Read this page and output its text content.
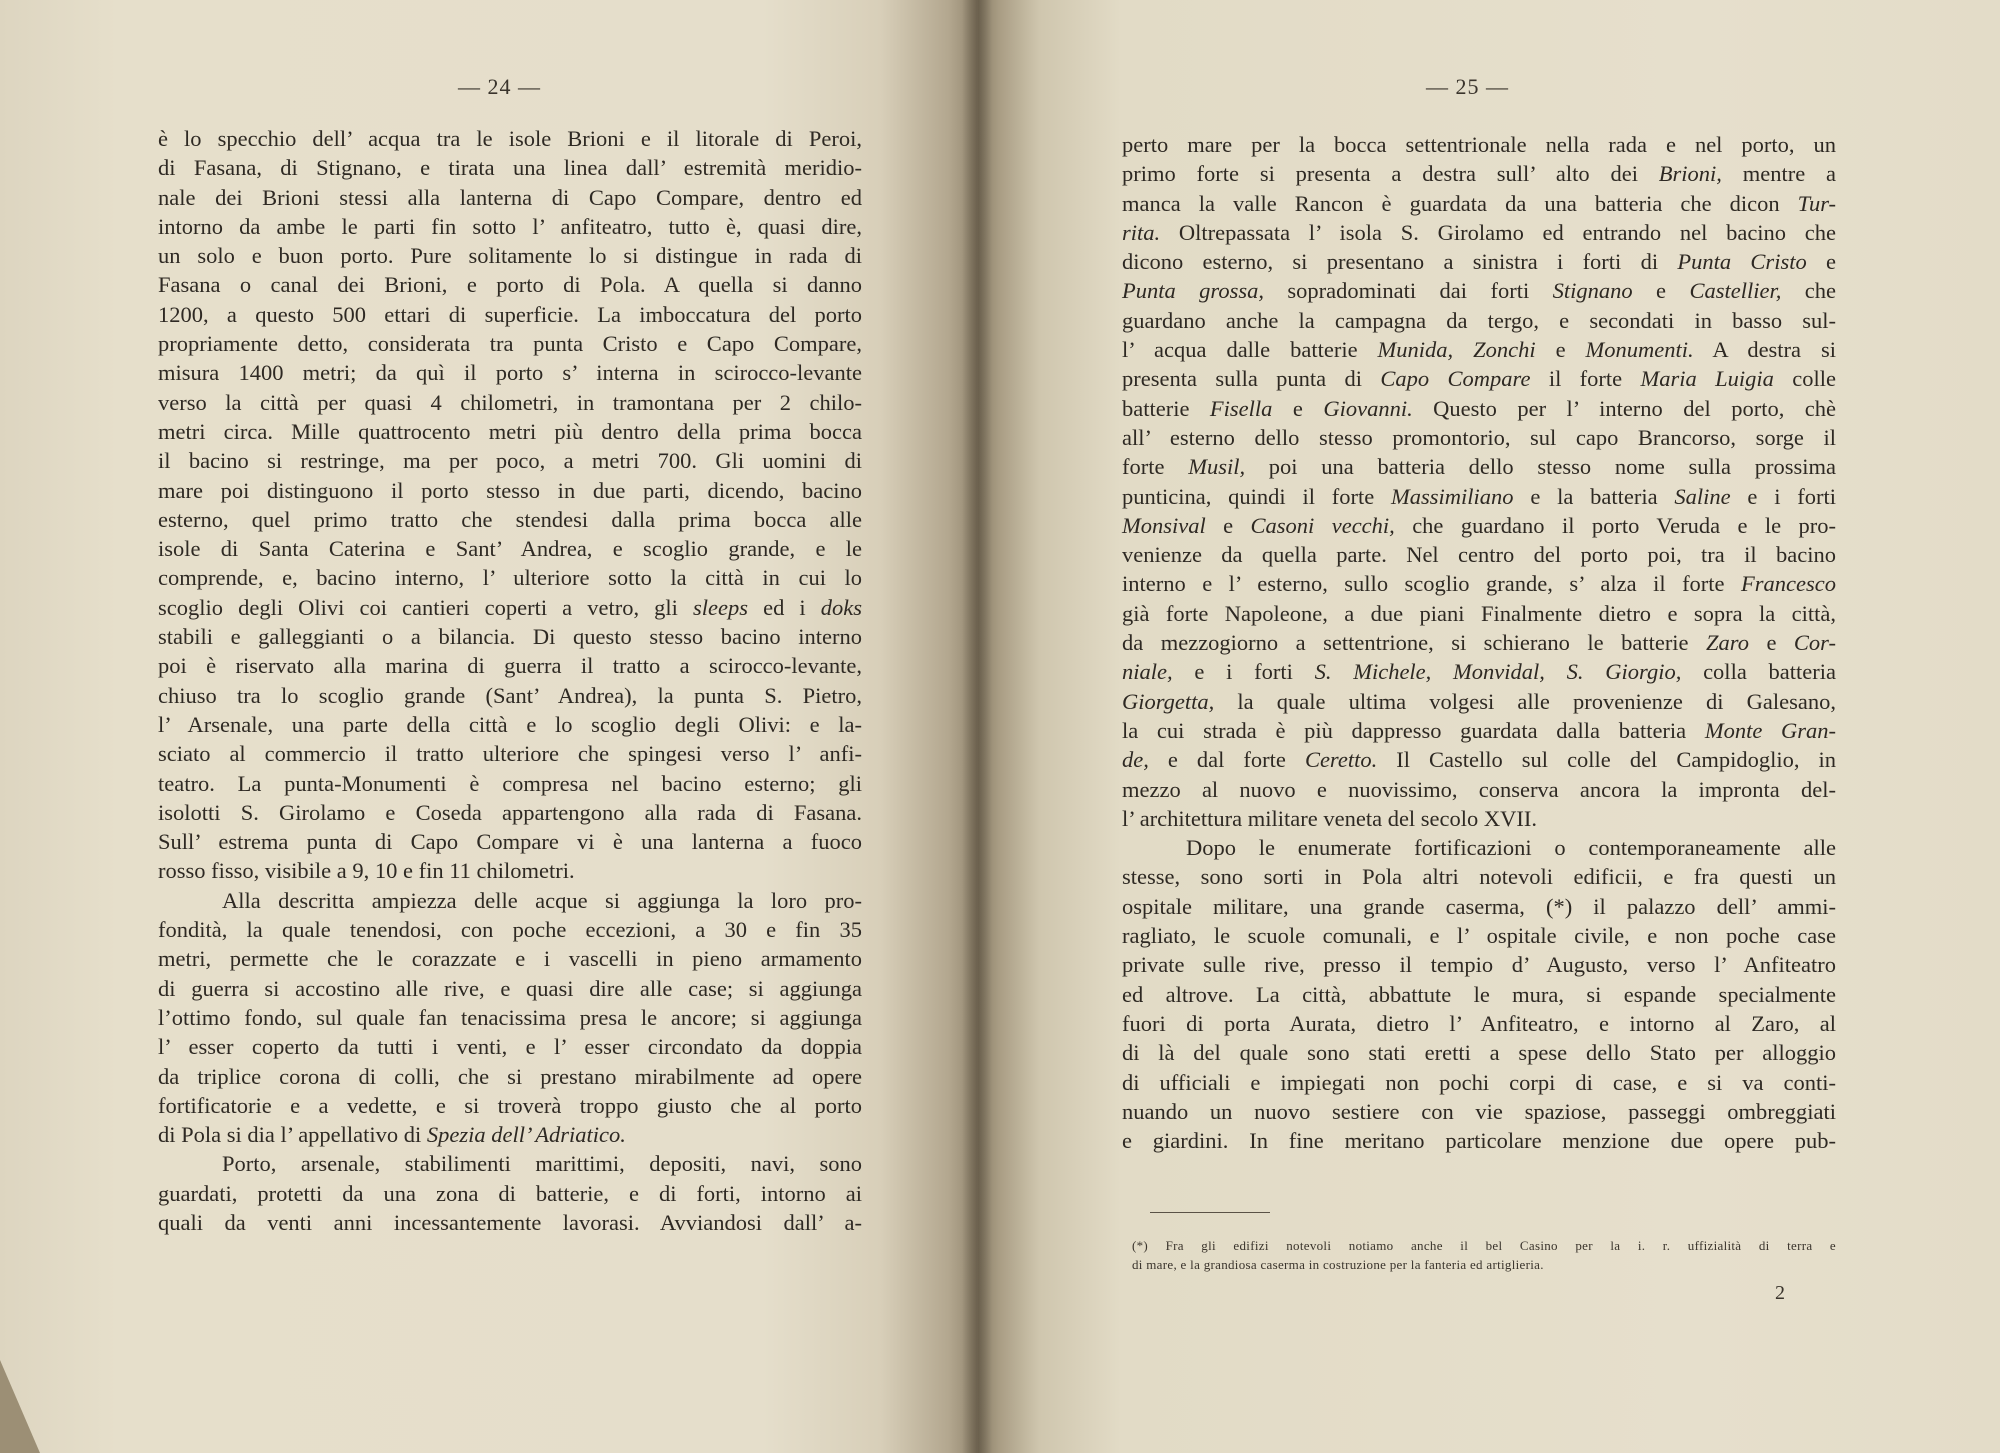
— 24 —
è lo specchio dell’ acqua tra le isole Brioni e il litorale di Peroi,
di Fasana, di Stignano, e tirata una linea dall’ estremità meridio-
nale dei Brioni stessi alla lanterna di Capo Compare, dentro ed
intorno da ambe le parti fin sotto l’ anfiteatro, tutto è, quasi dire,
un solo e buon porto. Pure solitamente lo si distingue in rada di
Fasana o canal dei Brioni, e porto di Pola. A quella si danno
1200, a questo 500 ettari di superficie. La imboccatura del porto
propriamente detto, considerata tra punta Cristo e Capo Compare,
misura 1400 metri; da quì il porto s’ interna in scirocco-levante
verso la città per quasi 4 chilometri, in tramontana per 2 chilo-
metri circa. Mille quattrocento metri più dentro della prima bocca
il bacino si restringe, ma per poco, a metri 700. Gli uomini di
mare poi distinguono il porto stesso in due parti, dicendo, bacino
esterno, quel primo tratto che stendesi dalla prima bocca alle
isole di Santa Caterina e Sant’ Andrea, e scoglio grande, e le
comprende, e, bacino interno, l’ ulteriore sotto la città in cui lo
scoglio degli Olivi coi cantieri coperti a vetro, gli sleeps ed i doks
stabili e galleggianti o a bilancia. Di questo stesso bacino interno
poi è riservato alla marina di guerra il tratto a scirocco-levante,
chiuso tra lo scoglio grande (Sant’ Andrea), la punta S. Pietro,
l’ Arsenale, una parte della città e lo scoglio degli Olivi: e la-
sciato al commercio il tratto ulteriore che spingesi verso l’ anfi-
teatro. La punta-Monumenti è compresa nel bacino esterno; gli
isolotti S. Girolamo e Coseda appartengono alla rada di Fasana.
Sull’ estrema punta di Capo Compare vi è una lanterna a fuoco
rosso fisso, visibile a 9, 10 e fin 11 chilometri.
Alla descritta ampiezza delle acque si aggiunga la loro pro-
fondità, la quale tenendosi, con poche eccezioni, a 30 e fin 35
metri, permette che le corazzate e i vascelli in pieno armamento
di guerra si accostino alle rive, e quasi dire alle case; si aggiunga
l’ottimo fondo, sul quale fan tenacissima presa le ancore; si aggiunga
l’ esser coperto da tutti i venti, e l’ esser circondato da doppia
da triplice corona di colli, che si prestano mirabilmente ad opere
fortificatorie e a vedette, e si troverà troppo giusto che al porto
di Pola si dia l’ appellativo di Spezia dell’ Adriatico.
Porto, arsenale, stabilimenti marittimi, depositi, navi, sono
guardati, protetti da una zona di batterie, e di forti, intorno ai
quali da venti anni incessantemente lavorasi. Avviandosi dall’ a-
— 25 —
perto mare per la bocca settentrionale nella rada e nel porto, un
primo forte si presenta a destra sull’ alto dei Brioni, mentre a
manca la valle Rancon è guardata da una batteria che dicon Tur-
rita. Oltrepassata l’ isola S. Girolamo ed entrando nel bacino che
dicono esterno, si presentano a sinistra i forti di Punta Cristo e
Punta grossa, sopradominati dai forti Stignano e Castellier, che
guardano anche la campagna da tergo, e secondati in basso sul-
l’ acqua dalle batterie Munida, Zonchi e Monumenti. A destra si
presenta sulla punta di Capo Compare il forte Maria Luigia colle
batterie Fisella e Giovanni. Questo per l’ interno del porto, chè
all’ esterno dello stesso promontorio, sul capo Brancorso, sorge il
forte Musil, poi una batteria dello stesso nome sulla prossima
punticina, quindi il forte Massimiliano e la batteria Saline e i forti
Monsival e Casoni vecchi, che guardano il porto Veruda e le pro-
venienze da quella parte. Nel centro del porto poi, tra il bacino
interno e l’ esterno, sullo scoglio grande, s’ alza il forte Francesco
già forte Napoleone, a due piani Finalmente dietro e sopra la città,
da mezzogiorno a settentrione, si schierano le batterie Zaro e Cor-
niale, e i forti S. Michele, Monvidal, S. Giorgio, colla batteria
Giorgetta, la quale ultima volgesi alle provenienze di Galesano,
la cui strada è più dappresso guardata dalla batteria Monte Gran-
de, e dal forte Ceretto. Il Castello sul colle del Campidoglio, in
mezzo al nuovo e nuovissimo, conserva ancora la impronta del-
l’ architettura militare veneta del secolo XVII.
Dopo le enumerate fortificazioni o contemporaneamente alle
stesse, sono sorti in Pola altri notevoli edificii, e fra questi un
ospitale militare, una grande caserma, (*) il palazzo dell’ ammi-
ragliato, le scuole comunali, e l’ ospitale civile, e non poche case
private sulle rive, presso il tempio d’ Augusto, verso l’ Anfiteatro
ed altrove. La città, abbattute le mura, si espande specialmente
fuori di porta Aurata, dietro l’ Anfiteatro, e intorno al Zaro, al
di là del quale sono stati eretti a spese dello Stato per alloggio
di ufficiali e impiegati non pochi corpi di case, e si va conti-
nuando un nuovo sestiere con vie spaziose, passeggi ombreggiati
e giardini. In fine meritano particolare menzione due opere pub-
(*) Fra gli edifizi notevoli notiamo anche il bel Casino per la i. r. uffizialità di terra e
di mare, e la grandiosa caserma in costruzione per la fanteria ed artiglieria.
2
